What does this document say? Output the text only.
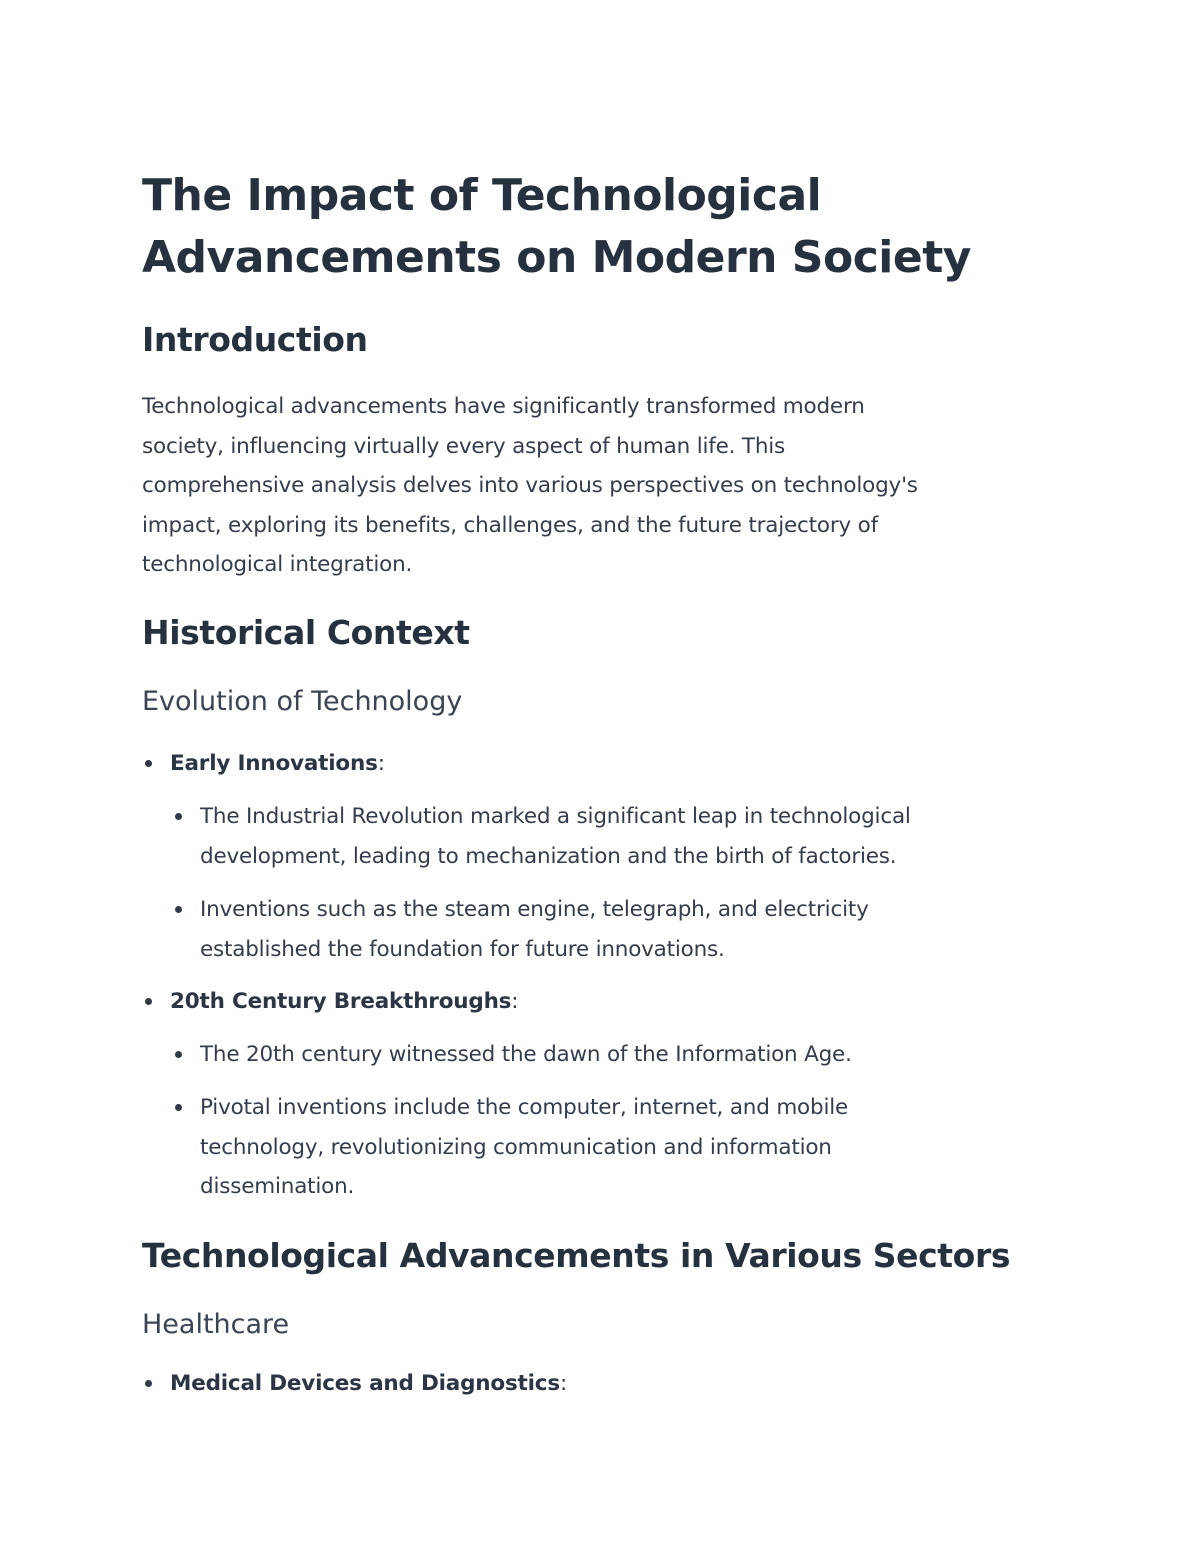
The Impact of Technological
Advancements on Modern Society
Introduction

Technological advancements have significantly transformed modern
society, influencing virtually every aspect of human life. This
comprehensive analysis delves into various perspectives on technology's
impact, exploring its benefits, challenges, and the future trajectory of
technological integration.

Historical Context
Evolution of Technology
Early Innovations:
The Industrial Revolution marked a significant leap in technological
development, leading to mechanization and the birth of factories.
Inventions such as the steam engine, telegraph, and electricity
established the foundation for future innovations.
20th Century Breakthroughs:
The 20th century witnessed the dawn of the Information Age.
Pivotal inventions include the computer, internet, and mobile
technology, revolutionizing communication and information
dissemination.
Technological Advancements in Various Sectors
Healthcare
Medical Devices and Diagnostics:
